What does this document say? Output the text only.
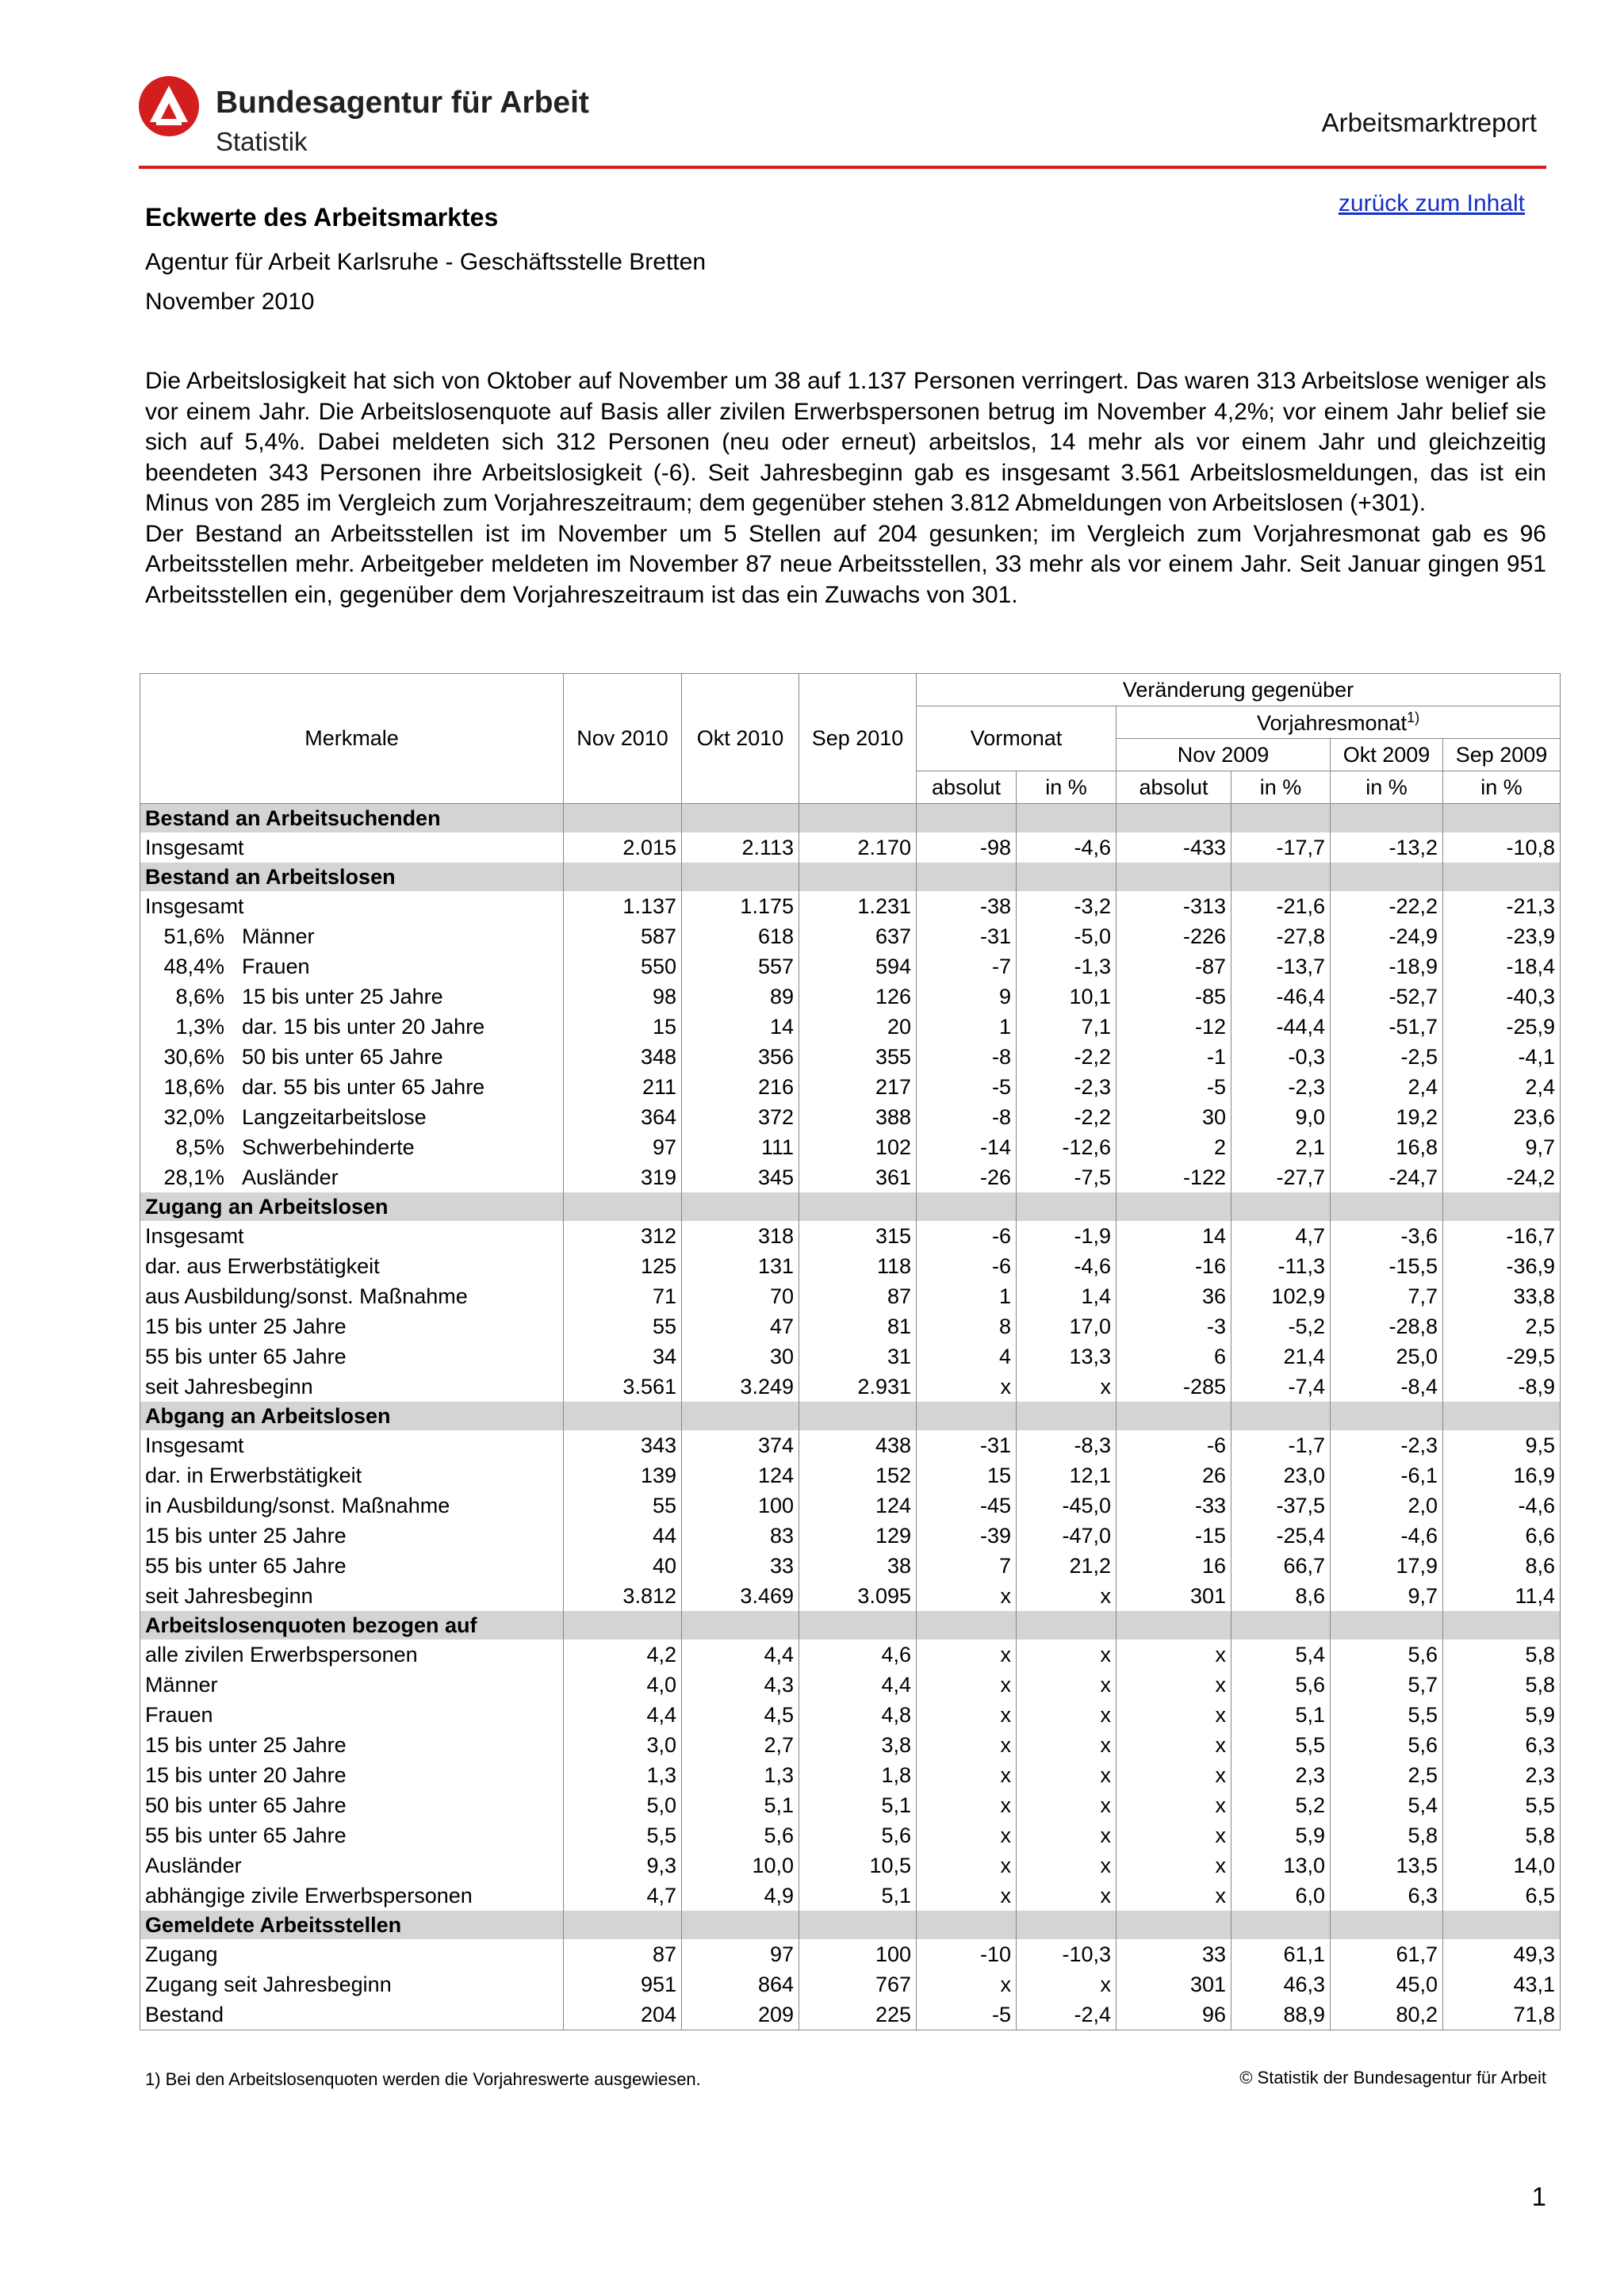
Bundesagentur für Arbeit
Statistik
Arbeitsmarktreport
zurück zum Inhalt
Eckwerte des Arbeitsmarktes
Agentur für Arbeit Karlsruhe - Geschäftsstelle Bretten
November 2010

Die Arbeitslosigkeit hat sich von Oktober auf November um 38 auf 1.137 Personen verringert. Das waren 313 Arbeitslose weniger als vor einem Jahr. Die Arbeitslosenquote auf Basis aller zivilen Erwerbspersonen betrug im November 4,2%; vor einem Jahr belief sie sich auf 5,4%. Dabei meldeten sich 312 Personen (neu oder erneut) arbeitslos, 14 mehr als vor einem Jahr und gleichzeitig beendeten 343 Personen ihre Arbeitslosigkeit (-6). Seit Jahresbeginn gab es insgesamt 3.561 Arbeitslosmeldungen, das ist ein Minus von 285 im Vergleich zum Vorjahreszeitraum; dem gegenüber stehen 3.812 Abmeldungen von Arbeitslosen (+301).

Der Bestand an Arbeitsstellen ist im November um 5 Stellen auf 204 gesunken; im Vergleich zum Vorjahresmonat gab es 96 Arbeitsstellen mehr. Arbeitgeber meldeten im November 87 neue Arbeitsstellen, 33 mehr als vor einem Jahr. Seit Januar gingen 951 Arbeitsstellen ein, gegenüber dem Vorjahreszeitraum ist das ein Zuwachs von 301.

Merkmale	Nov 2010	Okt 2010	Sep 2010	Veränderung gegenüber					
				Vormonat		Vorjahresmonat$^{1)}$
						Nov 2009		Okt 2009	Sep 2009
				absolut	in %	absolut	in %	in %	in %
Bestand an Arbeitsuchenden									
Insgesamt	2.015	2.113	2.170	-98	-4,6	-433	-17,7	-13,2	-10,8
Bestand an Arbeitslosen									
Insgesamt	1.137	1.175	1.231	-38	-3,2	-313	-21,6	-22,2	-21,3
51,6% Männer	587	618	637	-31	-5,0	-226	-27,8	-24,9	-23,9
48,4% Frauen	550	557	594	-7	-1,3	-87	-13,7	-18,9	-18,4
8,6% 15 bis unter 25 Jahre	98	89	126	9	10,1	-85	-46,4	-52,7	-40,3
1,3% dar. 15 bis unter 20 Jahre	15	14	20	1	7,1	-12	-44,4	-51,7	-25,9
30,6% 50 bis unter 65 Jahre	348	356	355	-8	-2,2	-1	-0,3	-2,5	-4,1
18,6% dar. 55 bis unter 65 Jahre	211	216	217	-5	-2,3	-5	-2,3	2,4	2,4
32,0% Langzeitarbeitslose	364	372	388	-8	-2,2	30	9,0	19,2	23,6
8,5% Schwerbehinderte	97	111	102	-14	-12,6	2	2,1	16,8	9,7
28,1% Ausländer	319	345	361	-26	-7,5	-122	-27,7	-24,7	-24,2
Zugang an Arbeitslosen									
Insgesamt	312	318	315	-6	-1,9	14	4,7	-3,6	-16,7
dar. aus Erwerbstätigkeit	125	131	118	-6	-4,6	-16	-11,3	-15,5	-36,9
aus Ausbildung/sonst. Maßnahme	71	70	87	1	1,4	36	102,9	7,7	33,8
15 bis unter 25 Jahre	55	47	81	8	17,0	-3	-5,2	-28,8	2,5
55 bis unter 65 Jahre	34	30	31	4	13,3	6	21,4	25,0	-29,5
seit Jahresbeginn	3.561	3.249	2.931	x	x	-285	-7,4	-8,4	-8,9
Abgang an Arbeitslosen									
Insgesamt	343	374	438	-31	-8,3	-6	-1,7	-2,3	9,5
dar. in Erwerbstätigkeit	139	124	152	15	12,1	26	23,0	-6,1	16,9
in Ausbildung/sonst. Maßnahme	55	100	124	-45	-45,0	-33	-37,5	2,0	-4,6
15 bis unter 25 Jahre	44	83	129	-39	-47,0	-15	-25,4	-4,6	6,6
55 bis unter 65 Jahre	40	33	38	7	21,2	16	66,7	17,9	8,6
seit Jahresbeginn	3.812	3.469	3.095	x	x	301	8,6	9,7	11,4
Arbeitslosenquoten bezogen auf									
alle zivilen Erwerbspersonen	4,2	4,4	4,6	x	x	x	5,4	5,6	5,8
Männer	4,0	4,3	4,4	x	x	x	5,6	5,7	5,8
Frauen	4,4	4,5	4,8	x	x	x	5,1	5,5	5,9
15 bis unter 25 Jahre	3,0	2,7	3,8	x	x	x	5,5	5,6	6,3
15 bis unter 20 Jahre	1,3	1,3	1,8	x	x	x	2,3	2,5	2,3
50 bis unter 65 Jahre	5,0	5,1	5,1	x	x	x	5,2	5,4	5,5
55 bis unter 65 Jahre	5,5	5,6	5,6	x	x	x	5,9	5,8	5,8
Ausländer	9,3	10,0	10,5	x	x	x	13,0	13,5	14,0
abhängige zivile Erwerbspersonen	4,7	4,9	5,1	x	x	x	6,0	6,3	6,5
Gemeldete Arbeitsstellen									
Zugang	87	97	100	-10	-10,3	33	61,1	61,7	49,3
Zugang seit Jahresbeginn	951	864	767	x	x	301	46,3	45,0	43,1
Bestand	204	209	225	-5	-2,4	96	88,9	80,2	71,8
1) Bei den Arbeitslosenquoten werden die Vorjahreswerte ausgewiesen.	© Statistik der Bundesagentur für Arbeit
1
